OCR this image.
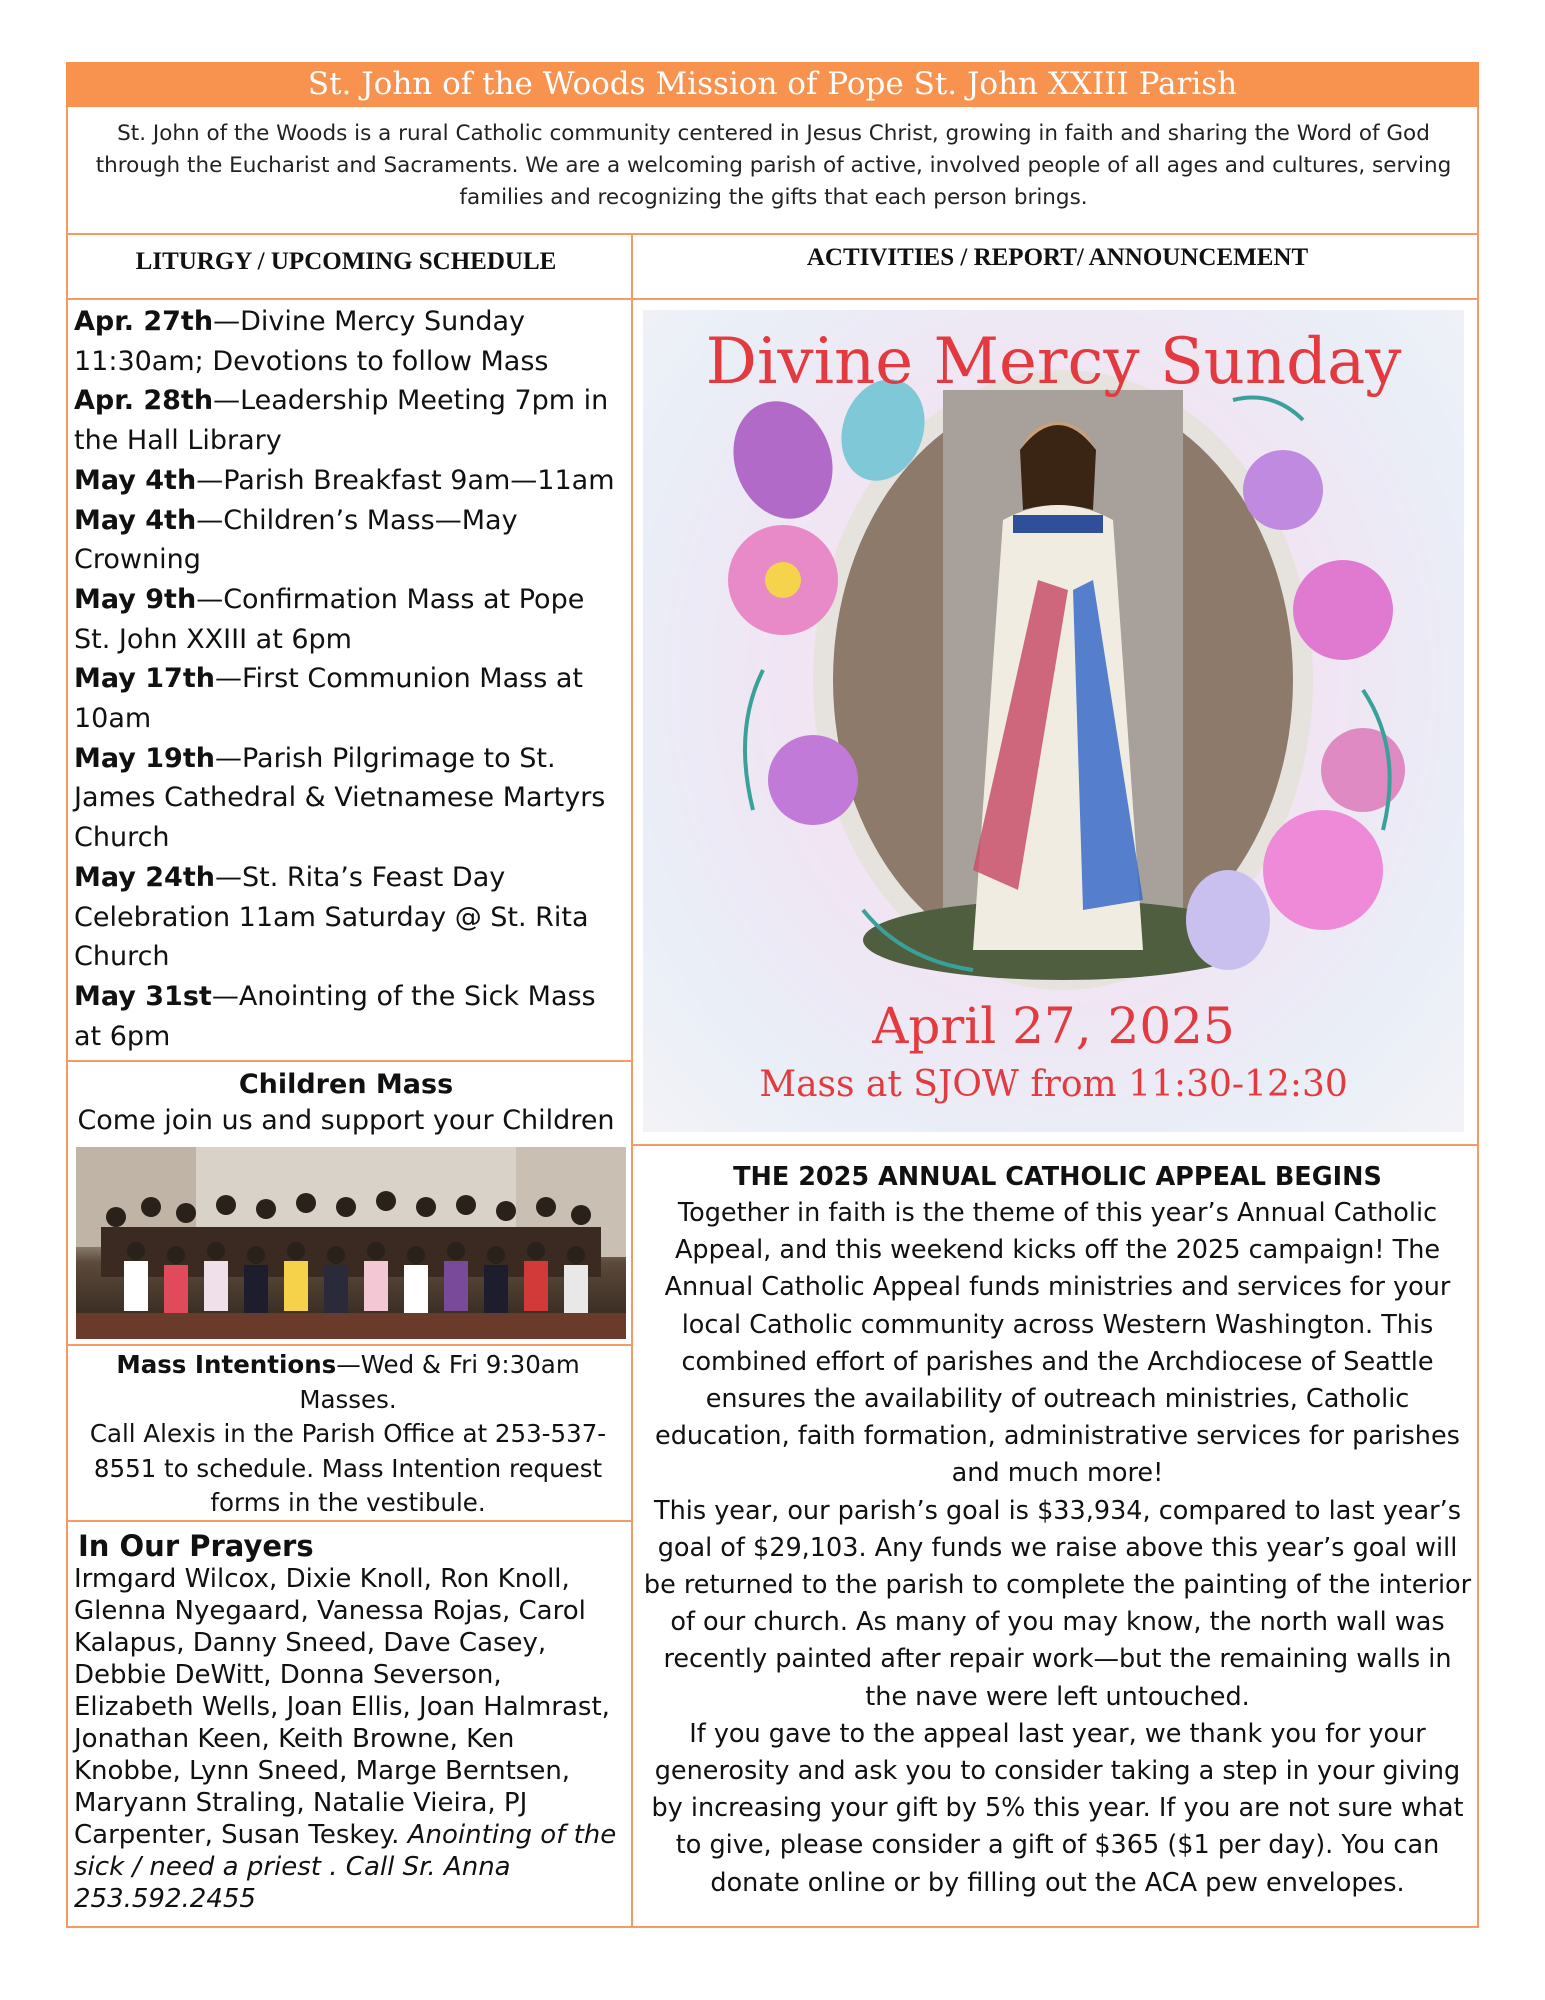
St. John of the Woods Mission of Pope St. John XXIII Parish
St. John of the Woods is a rural Catholic community centered in Jesus Christ, growing in faith and sharing the Word of God through the Eucharist and Sacraments. We are a welcoming parish of active, involved people of all ages and cultures, serving families and recognizing the gifts that each person brings.
LITURGY / UPCOMING SCHEDULE	ACTIVITIES / REPORT/ ANNOUNCEMENT

Apr. 27th—Divine Mercy Sunday 11:30am; Devotions to follow Mass

Apr. 28th—Leadership Meeting 7pm in the Hall Library

May 4th—Parish Breakfast 9am—11am

May 4th—Children’s Mass—May Crowning

May 9th—Confirmation Mass at Pope St. John XXIII at 6pm

May 17th—First Communion Mass at 10am

May 19th—Parish Pilgrimage to St. James Cathedral & Vietnamese Martyrs Church

May 24th—St. Rita’s Feast Day Celebration 11am Saturday @ St. Rita Church

May 31st—Anointing of the Sick Mass at 6pm

Children Mass
Come join us and support your Children
Mass Intentions—Wed & Fri 9:30am Masses.
Call Alexis in the Parish Office at 253-537-8551 to schedule. Mass Intention request forms in the vestibule.
In Our Prayers
Irmgard Wilcox, Dixie Knoll, Ron Knoll, Glenna Nyegaard, Vanessa Rojas, Carol Kalapus, Danny Sneed, Dave Casey, Debbie DeWitt, Donna Severson, Elizabeth Wells, Joan Ellis, Joan Halmrast, Jonathan Keen, Keith Browne, Ken Knobbe, Lynn Sneed, Marge Berntsen, Maryann Straling, Natalie Vieira, PJ Carpenter, Susan Teskey. Anointing of the sick / need a priest . Call Sr. Anna 253.592.2455
Divine Mercy Sunday
April 27, 2025
Mass at SJOW from 11:30-12:30
THE 2025 ANNUAL CATHOLIC APPEAL BEGINS
Together in faith is the theme of this year’s Annual Catholic Appeal, and this weekend kicks off the 2025 campaign! The Annual Catholic Appeal funds ministries and services for your local Catholic community across Western Washington. This combined effort of parishes and the Archdiocese of Seattle ensures the availability of outreach ministries, Catholic education, faith formation, administrative services for parishes and much more!
This year, our parish’s goal is $33,934, compared to last year’s goal of $29,103. Any funds we raise above this year’s goal will be returned to the parish to complete the painting of the interior of our church. As many of you may know, the north wall was recently painted after repair work—but the remaining walls in the nave were left untouched.
If you gave to the appeal last year, we thank you for your generosity and ask you to consider taking a step in your giving by increasing your gift by 5% this year. If you are not sure what to give, please consider a gift of $365 ($1 per day). You can donate online or by filling out the ACA pew envelopes.
